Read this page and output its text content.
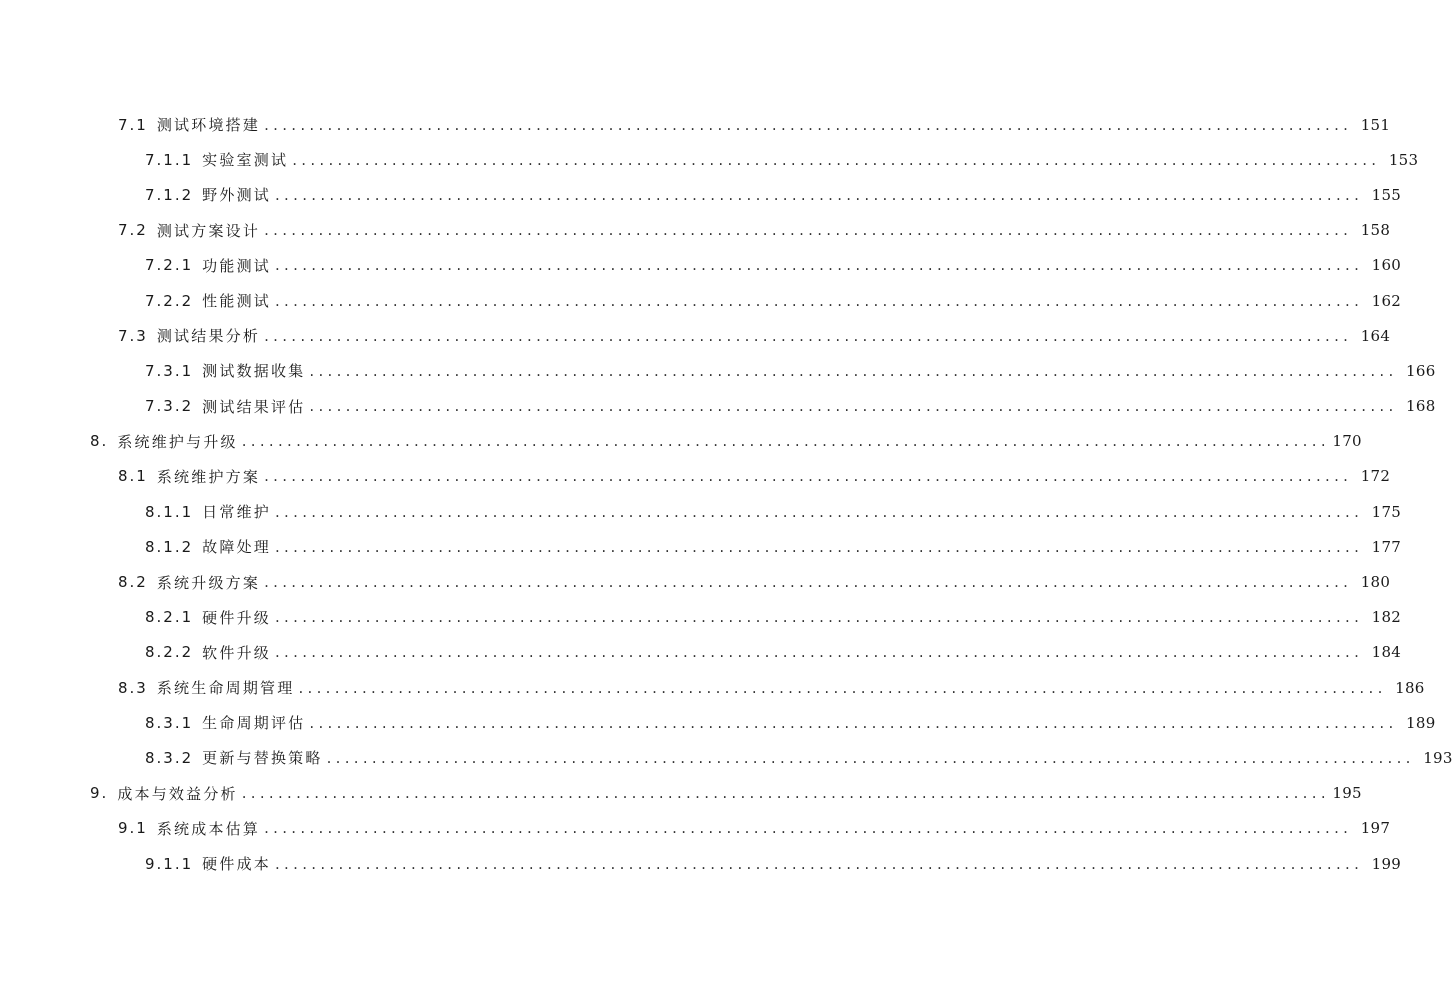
7.1 测试环境搭建 ........................................................................................................................ 151
7.1.1 实验室测试 ........................................................................................................................ 153
7.1.2 野外测试 ........................................................................................................................ 155
7.2 测试方案设计 ........................................................................................................................ 158
7.2.1 功能测试 ........................................................................................................................ 160
7.2.2 性能测试 ........................................................................................................................ 162
7.3 测试结果分析 ........................................................................................................................ 164
7.3.1 测试数据收集 ........................................................................................................................ 166
7.3.2 测试结果评估 ........................................................................................................................ 168
8. 系统维护与升级 ........................................................................................................................ 170
8.1 系统维护方案 ........................................................................................................................ 172
8.1.1 日常维护 ........................................................................................................................ 175
8.1.2 故障处理 ........................................................................................................................ 177
8.2 系统升级方案 ........................................................................................................................ 180
8.2.1 硬件升级 ........................................................................................................................ 182
8.2.2 软件升级 ........................................................................................................................ 184
8.3 系统生命周期管理 ........................................................................................................................ 186
8.3.1 生命周期评估 ........................................................................................................................ 189
8.3.2 更新与替换策略 ........................................................................................................................ 193
9. 成本与效益分析 ........................................................................................................................ 195
9.1 系统成本估算 ........................................................................................................................ 197
9.1.1 硬件成本 ........................................................................................................................ 199
